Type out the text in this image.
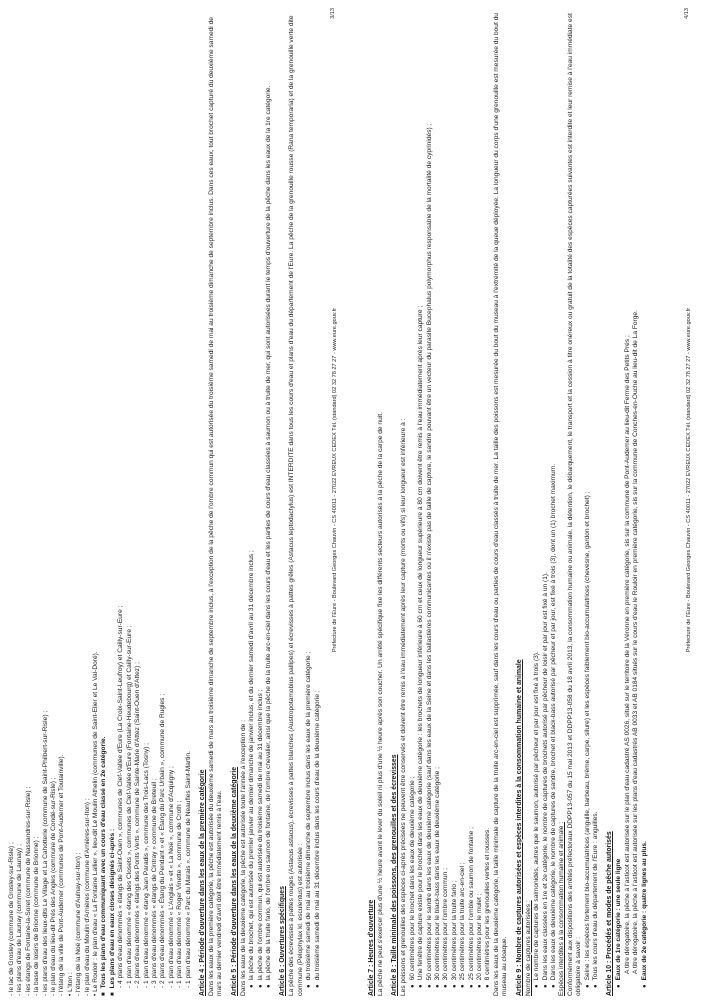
- le lac de Grosley (commune de Grosley-sur-Risle) ; - les plans d'eau de Launay (commune de Launay) ; - les étangs de Fontaine-la-Soret (commune de Nassandres-sur-Risle) ; - la base de loisirs de Brionne (commune de Brionne) ; - les plans d'eau des lieux-dits Le Village et La Cahotterie (commune de Saint-Philbert-sur-Risle) ; - le plan d'eau du lieu-dit Prés des Angles (commune de Condé-sur-Risle) ; - l'étang de la ville de Pont-Audemer (communes de Pont-Audemer et Toutainville). • L'Iton : - l'étang de la Noë (commune d'Aulnay-sur-Iton) ; - le plan d'eau du Moulin d'Arnières (commune d'Arnières-sur-Iton) ; • Le Rouloir : le plan d'eau « La Fontaine Lallier », lieu-dit Le Moulin Athelin (communes de Saint-Elier et Le Val-Doré). ■ Tous les plans d'eau communiquant avec un cours d'eau classé en 2e catégorie. ■ Les plans d'eau en eaux closes désignés ci-après : - 4 plans d'eau dénommés « étangs de Saint-Ouen », communes de Clef-Vallée d'Eure (La Croix-Saint-Leufroy) et Cailly-sur-Eure ; - 1 plan d'eau dénommé « étang des Closets », communes de Clef-Vallée d'Eure (Fontaine-Heudebourg) et Cailly-sur-Eure ; - 2 plans d'eau dénommés « étangs des Ponts Verts », commune de Sainte-Marie d'Attez (Saint-Ouen d'Attez) ; - 1 plan d'eau dénommé « étang Jean Paradis », commune des Trois-Lacs (Tosny) ; - 3 plans d'eau dénommés « étangs de Cintray » commune de Breteuil ; - 2 plans d'eau dénommés « Étang du Pendant » et « Étang du Parc Urbain », commune de Rugles ; - 1 plan d'eau dénommé « L'Anglais » et « La Noë », commune d'Acquigny ; - 1 plan d'eau dénommé « Roger Vinette », commune de Croth ; - 1 plan d'eau dénommé « Parc du Marais », commune de Neaufles Saint-Martin. Article 4 : Période d'ouverture dans les eaux de la première catégorie Dans les eaux de la première catégorie, la pêche est autorisée du deuxième samedi de mars au troisième dimanche de septembre inclus, à l'exception de la pêche de l'ombre commun qui est autorisée du troisième samedi de mai au troisième dimanche de septembre inclus. Dans ces eaux, tout brochet capturé du deuxième samedi de mars au dernier vendredi d'avril doit être immédiatement remis à l'eau. Article 5 : Période d'ouverture dans les eaux de la deuxième catégorie Dans les eaux de la deuxième catégorie, la pêche est autorisée toute l'année à l'exception de : ● la pêche du brochet, qui est autorisée du premier janvier au dernier dimanche de janvier inclus, et du dernier samedi d'avril au 31 décembre inclus ; ● la pêche de l'ombre commun, qui est autorisée du troisième samedi de mai au 31 décembre inclus ; ● la pêche de la truite fario, de l'ombre ou saumon de fontaine, de l'ombre chevalier, ainsi que la pêche de la truite arc-en-ciel dans les cours d'eau et les parties de cours d'eau classées à saumon ou à truite de mer, qui sont autorisées durant le temps d'ouverture de la pêche dans les eaux de la 1re catégorie. Article 6 : Ouvertures spécifiques La pêche des écrevisses à pattes rouges (Astacus astacus), écrevisses à pattes blanches (Austropotamobius pallipes) et écrevisses à pattes grêles (Astacus leptodactylus) est INTERDITE dans tous les cours d'eau et plans d'eau du département de l'Eure. La pêche de la grenouille rousse (Rana temporaria) et de la grenouille verte dite commune (Pelophylax kl. esculentus) est autorisée : ● du troisième samedi de mai au troisième dimanche de septembre inclus dans les eaux de la première catégorie ; ● du troisième samedi de mai au 31 décembre inclus dans les cours d'eau de la deuxième catégorie ;

Préfecture de l'Eure - Boulevard Georges Chauvin - CS 40011 - 27022 EVREUX CEDEX Tél. (standard) 02 32 78 27 27 - www.eure.gouv.fr
3/13

Article 7 : Heures d'ouverture La pêche ne peut s'exercer plus d'une ½ heure avant le lever du soleil ni plus d'une ½ heure après son coucher. Un arrêté spécifique fixe les différents secteurs autorisés à la pêche de la carpe de nuit. Article 8 : Taille minimale des poissons, des grenouilles et des écrevisses Les poissons et grenouilles des espèces ci-après précisées ne peuvent être conservés et doivent être remis à l'eau immédiatement après leur capture (morts ou vifs) si leur longueur est inférieure à : ● 60 centimètres pour le brochet dans les eaux de deuxième catégorie ; ● Une fenêtre de capture existe pour le brochet dans les eaux de deuxième catégorie : les brochets de longueur inférieure à 60 cm et ceux de longueur supérieure à 80 cm doivent être remis à l'eau immédiatement après leur capture ; ● 50 centimètres pour le sandre dans les eaux de deuxième catégorie (sauf dans les eaux de la Seine et dans les ballastières communicantes où il n'existe pas de taille de capture, le sandre pouvant être un vecteur du parasite Bucephalus polymorphus responsable de la mortalité de cyprinidés) ; ● 30 centimètres pour le black-bass dans les eaux de deuxième catégorie ; ● 30 centimètres pour l'ombre commun ; ● 30 centimètres pour la truite fario ; ● 25 centimètres pour la truite arc-en-ciel ; ● 25 centimètres pour l'omble ou saumon de fontaine ; ● 20 centimètres pour le mulet ; ● 8 centimètres pour les grenouilles vertes et rousses. Dans les eaux de la deuxième catégorie, la taille minimale de capture de la truite arc-en-ciel est supprimée, sauf dans les cours d'eau ou parties de cours d'eau classés à truite de mer. La taille des poissons est mesurée du bout du museau à l'extrémité de la queue déployée. La longueur du corps d'une grenouille est mesurée du bout du museau au cloaque. Article 9 : Nombre de captures autorisées et espèces interdites à la consommation humaine et animale Nombre de captures autorisées : ● Le nombre de captures de salmonidés, autres que le saumon, autorisé par pêcheur et par jour est fixé à trois (3). ● Dans les eaux classées en 1re et 2e catégorie, le nombre de captures de brochets autorisé par pêcheur de loisir et par jour est fixé à un (1). ● Dans les eaux de deuxième catégorie, le nombre de captures de sandre, brochet et black-bass autorisé par pêcheur et par jour, est fixé à trois (3), dont un (1) brochet maximum. Espèces interdites à la consommation humaine et animale : Conformément aux dispositions des arrêtés préfectoraux DDPP13-057 du 15 mai 2013 et DDPP13-058 du 18 avril 2013, la consommation humaine ou animale, la détention, le débarquement, le transport et la cession à titre onéreux ou gratuit de la totalité des espèces capturées suivantes est interdite et leur remise à l'eau immédiate est obligatoire à savoir : ● Seine : les espèces fortement bio-accumulatrices (anguille, barbeau, brème, carpe, silure) et les espèces faiblement bio-accumulatrices (chevesne, gardon et brochet) ; ● Tous les cours d'eau du département de l'Eure : anguilles. Article 10 : Procédés et modes de pêche autorisés ● Eaux de 1re catégorie : une seule ligne A titre dérogatoire, la pêche à l'asticot est autorisée sur le plan d'eau cadastré AS 0026, situé sur le territoire de la Véronne en première catégorie, sis sur la commune de Pont-Audemer au lieu-dit Ferme des Petits Prés ; A titre dérogatoire, la pêche à l'asticot est autorisée sur les plans d'eau cadastrés AB 0033 et AB 0184 situés sur le cours d'eau le Rouloir en première catégorie, sis sur la commune de Conches-en-Ouche au lieu-dit de La Forge. ● Eaux de 2e catégorie : quatre lignes au plus.

Préfecture de l'Eure - Boulevard Georges Chauvin - CS 40011 - 27022 EVREUX CEDEX Tél. (standard) 02 32 78 27 27 - www.eure.gouv.fr
4/13
